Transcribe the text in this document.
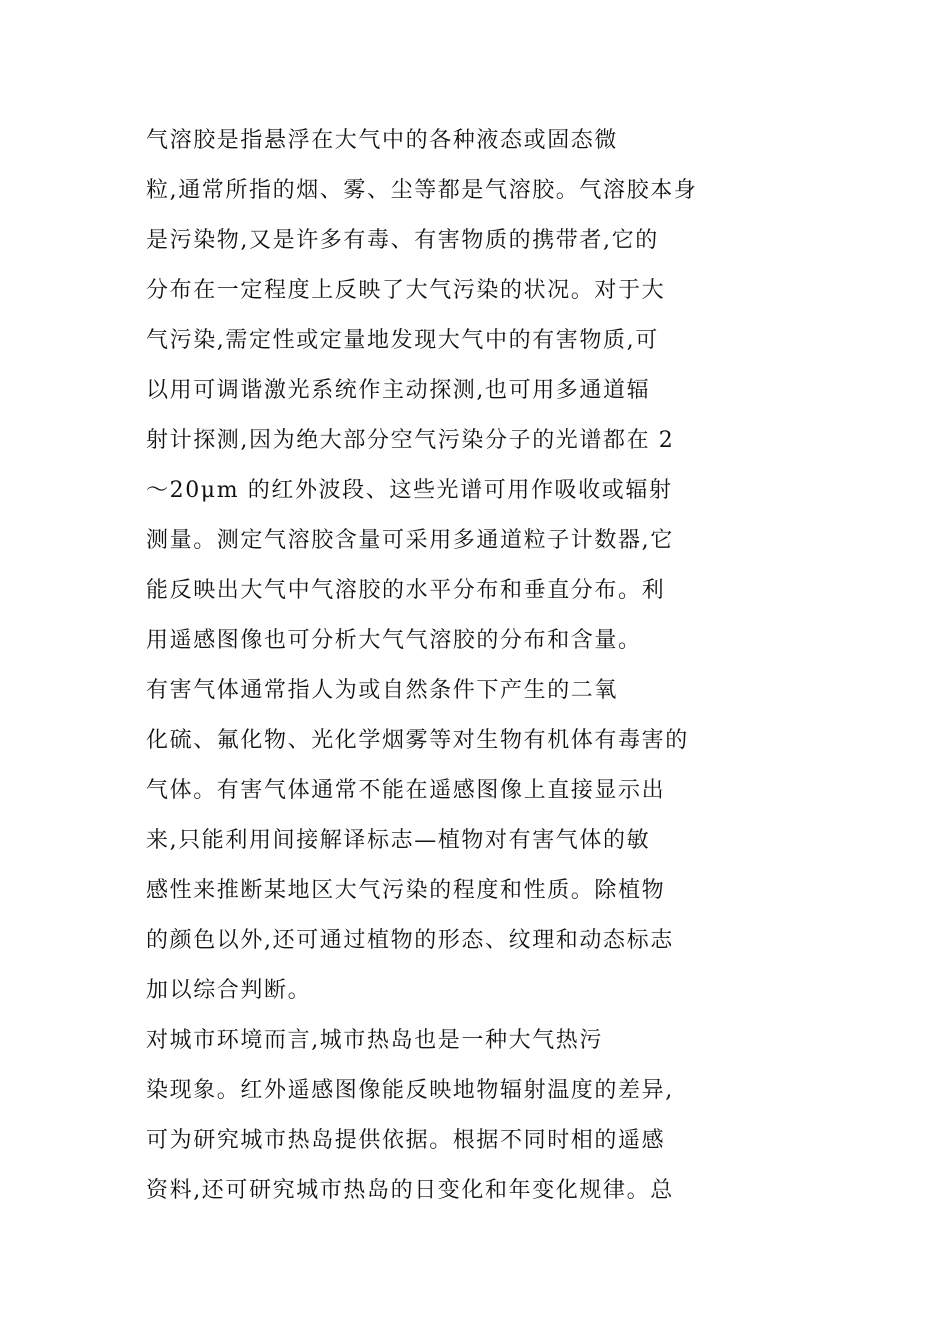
气溶胶是指悬浮在大气中的各种液态或固态微
粒,通常所指的烟、雾、尘等都是气溶胶。气溶胶本身
是污染物,又是许多有毒、有害物质的携带者,它的
分布在一定程度上反映了大气污染的状况。对于大
气污染,需定性或定量地发现大气中的有害物质,可
以用可调谐激光系统作主动探测,也可用多通道辐
射计探测,因为绝大部分空气污染分子的光谱都在 2
～20μm 的红外波段、这些光谱可用作吸收或辐射
测量。测定气溶胶含量可采用多通道粒子计数器,它
能反映出大气中气溶胶的水平分布和垂直分布。利
用遥感图像也可分析大气气溶胶的分布和含量。
有害气体通常指人为或自然条件下产生的二氧
化硫、氟化物、光化学烟雾等对生物有机体有毒害的
气体。有害气体通常不能在遥感图像上直接显示出
来,只能利用间接解译标志—植物对有害气体的敏
感性来推断某地区大气污染的程度和性质。除植物
的颜色以外,还可通过植物的形态、纹理和动态标志
加以综合判断。
对城市环境而言,城市热岛也是一种大气热污
染现象。红外遥感图像能反映地物辐射温度的差异,
可为研究城市热岛提供依据。根据不同时相的遥感
资料,还可研究城市热岛的日变化和年变化规律。总
